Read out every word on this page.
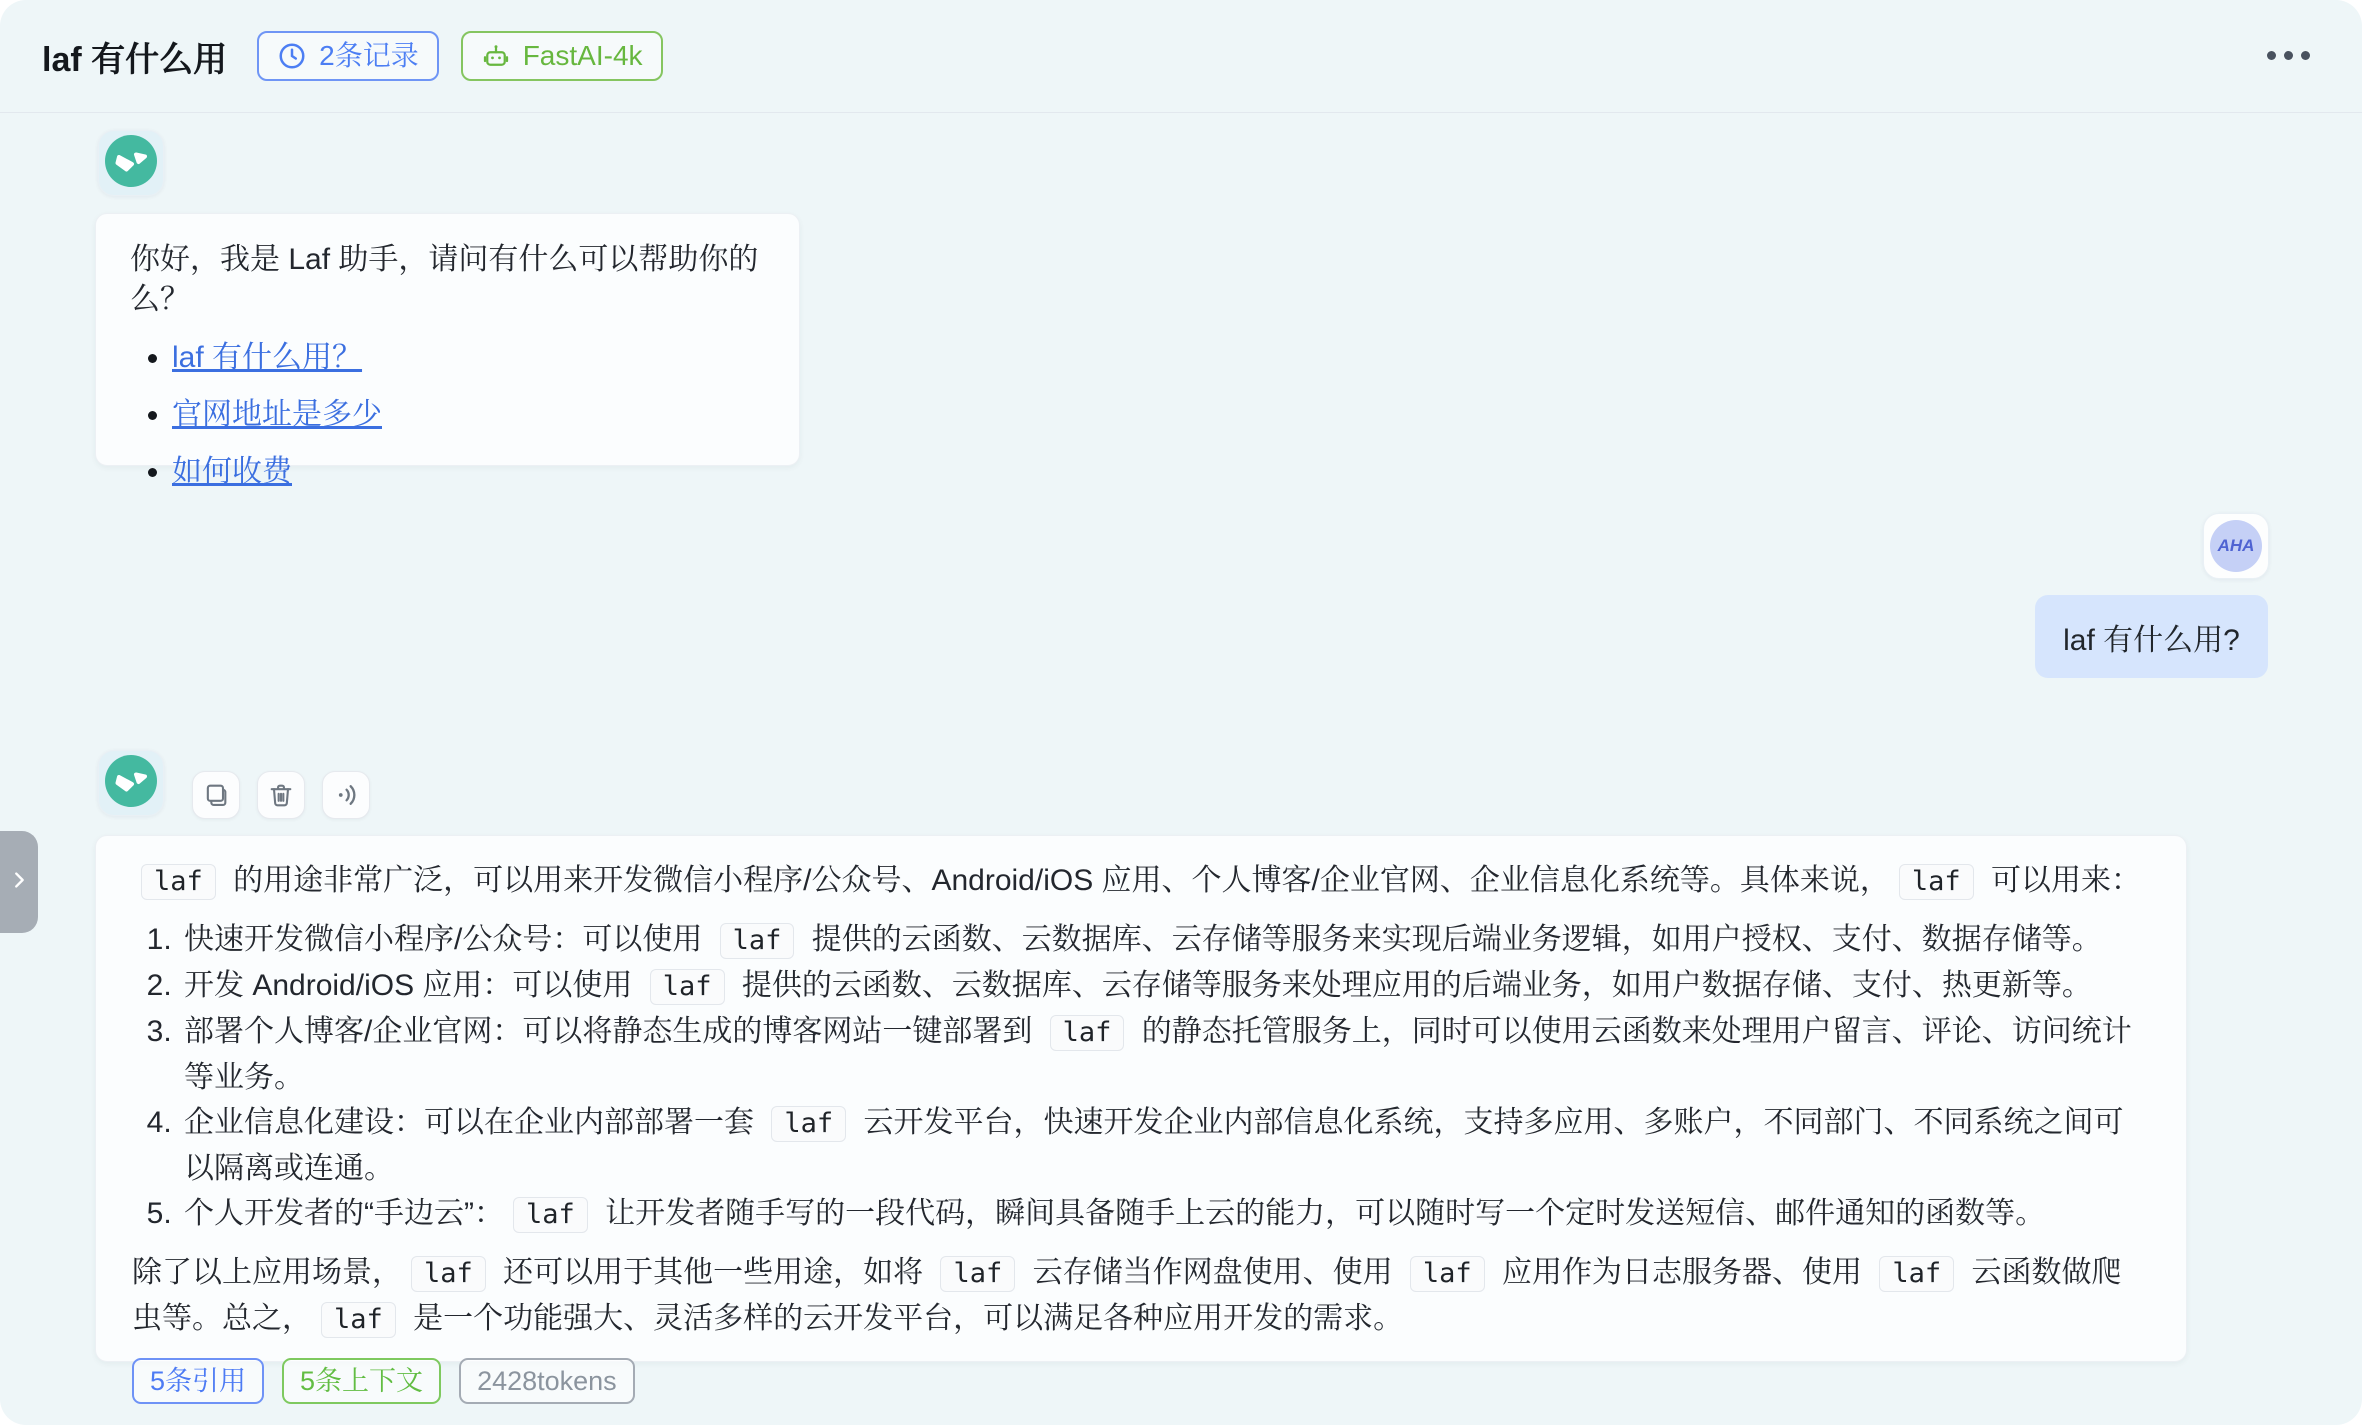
laf 有什么用	2条记录	FastAI-4k

你好，我是 Laf 助手，请问有什么可以帮助你的么？

• laf 有什么用？
• 官网地址是多少
• 如何收费
AHA
laf 有什么用?

laf 的用途非常广泛，可以用来开发微信小程序/公众号、Android/iOS 应用、个人博客/企业官网、企业信息化系统等。具体来说， laf 可以用来：

1. 快速开发微信小程序/公众号：可以使用 laf 提供的云函数、云数据库、云存储等服务来实现后端业务逻辑，如用户授权、支付、数据存储等。
2. 开发 Android/iOS 应用：可以使用 laf 提供的云函数、云数据库、云存储等服务来处理应用的后端业务，如用户数据存储、支付、热更新等。
3. 部署个人博客/企业官网：可以将静态生成的博客网站一键部署到 laf 的静态托管服务上，同时可以使用云函数来处理用户留言、评论、访问统计等业务。
4. 企业信息化建设：可以在企业内部部署一套 laf 云开发平台，快速开发企业内部信息化系统，支持多应用、多账户，不同部门、不同系统之间可以隔离或连通。
5. 个人开发者的“手边云”： laf 让开发者随手写的一段代码，瞬间具备随手上云的能力，可以随时写一个定时发送短信、邮件通知的函数等。

除了以上应用场景， laf 还可以用于其他一些用途，如将 laf 云存储当作网盘使用、使用 laf 应用作为日志服务器、使用 laf 云函数做爬虫等。总之， laf 是一个功能强大、灵活多样的云开发平台，可以满足各种应用开发的需求。

5条引用	5条上下文	2428tokens
